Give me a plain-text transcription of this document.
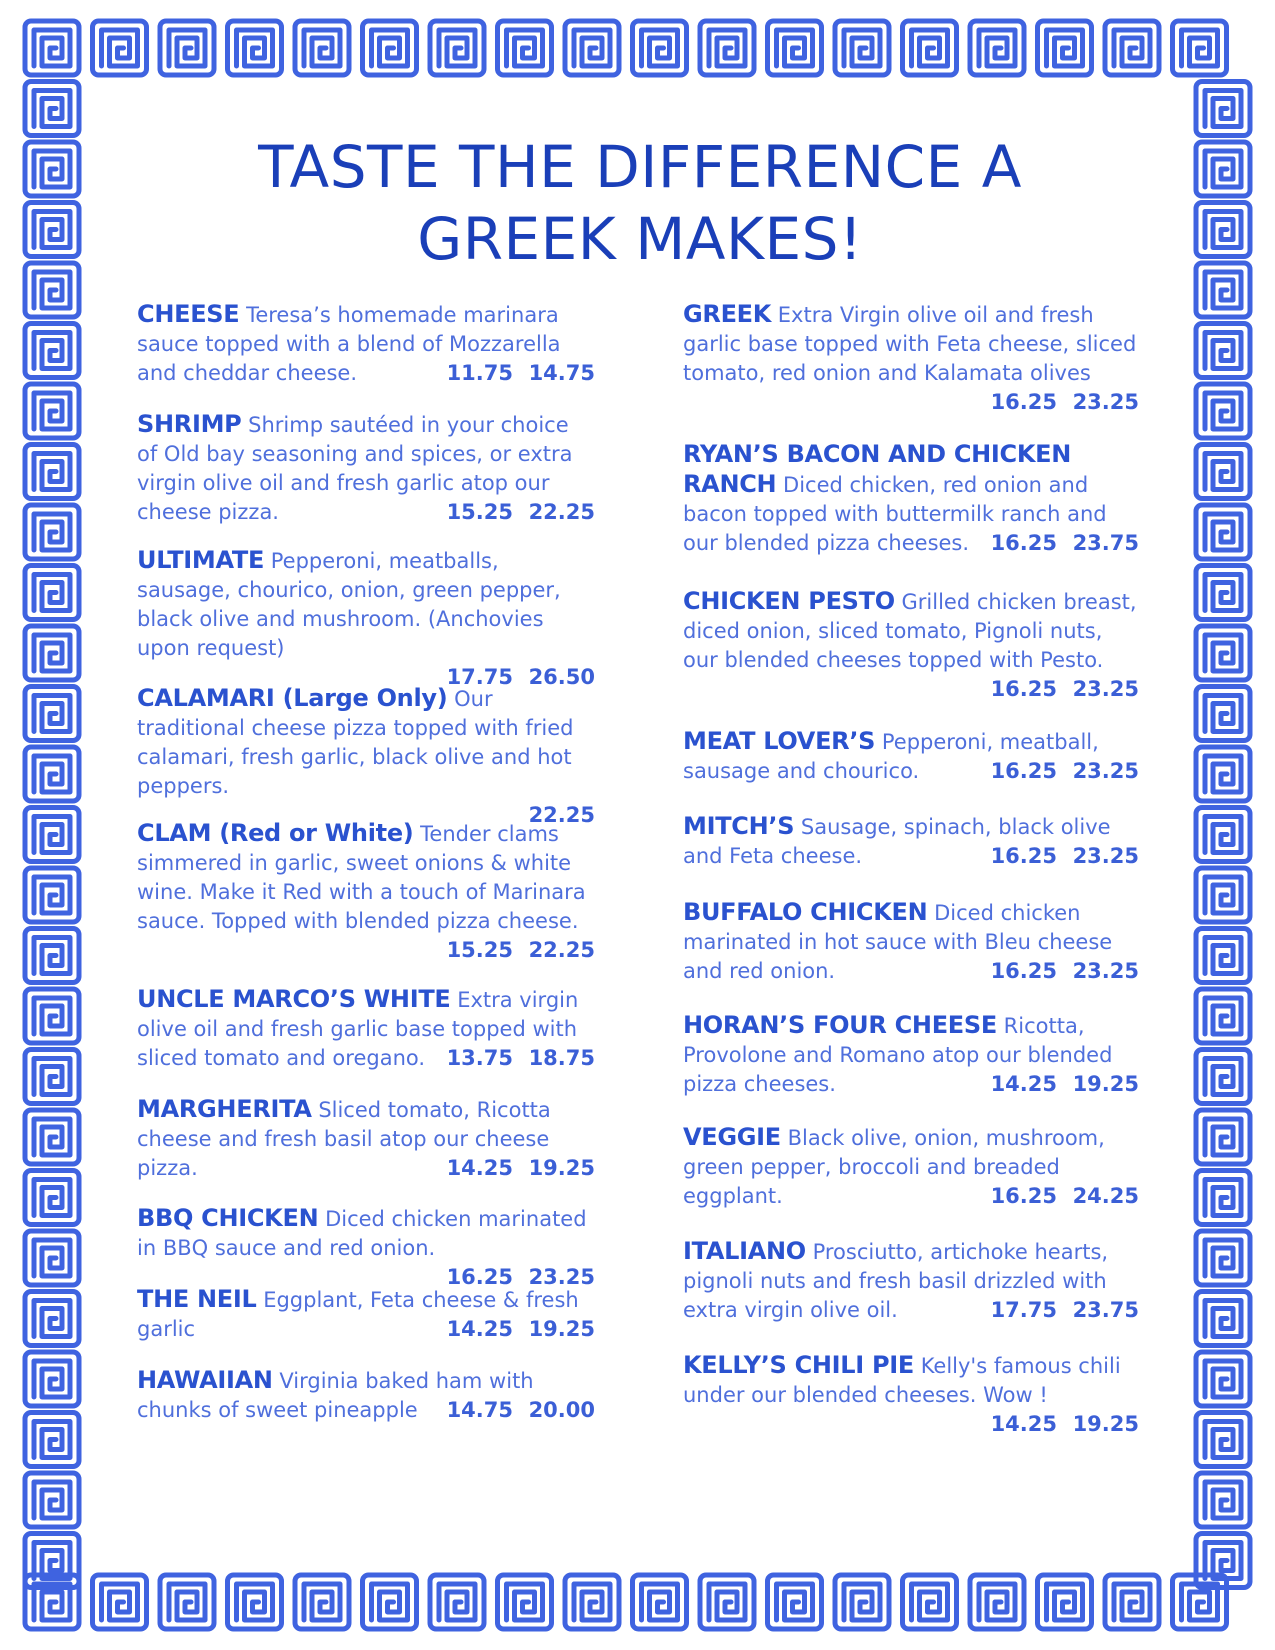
TASTE THE DIFFERENCE A GREEK MAKES!
CHEESE Teresa’s homemade marinara sauce topped with a blend of Mozzarella and cheddar cheese.	11.75 14.75
SHRIMP Shrimp sautéed in your choice of Old bay seasoning and spices, or extra virgin olive oil and fresh garlic atop our cheese pizza.	15.25 22.25
ULTIMATE Pepperoni, meatballs, sausage, chourico, onion, green pepper, black olive and mushroom. (Anchovies upon request)
17.75 26.50
CALAMARI (Large Only) Our traditional cheese pizza topped with fried calamari, fresh garlic, black olive and hot peppers.
22.25
CLAM (Red or White) Tender clams simmered in garlic, sweet onions & white wine. Make it Red with a touch of Marinara sauce. Topped with blended pizza cheese.
15.25 22.25
UNCLE MARCO’S WHITE Extra virgin olive oil and fresh garlic base topped with sliced tomato and oregano. 13.75 18.75
MARGHERITA Sliced tomato, Ricotta cheese and fresh basil atop our cheese pizza.	14.25 19.25
BBQ CHICKEN Diced chicken marinated in BBQ sauce and red onion.
16.25 23.25
THE NEIL Eggplant, Feta cheese & fresh garlic	14.25 19.25
HAWAIIAN Virginia baked ham with chunks of sweet pineapple 14.75 20.00
GREEK Extra Virgin olive oil and fresh garlic base topped with Feta cheese, sliced tomato, red onion and Kalamata olives
16.25 23.25
RYAN’S BACON AND CHICKEN RANCH Diced chicken, red onion and bacon topped with buttermilk ranch and our blended pizza cheeses. 16.25 23.75
CHICKEN PESTO Grilled chicken breast, diced onion, sliced tomato, Pignoli nuts, our blended cheeses topped with Pesto.
16.25 23.25
MEAT LOVER’S Pepperoni, meatball, sausage and chourico.	16.25 23.25
MITCH’S Sausage, spinach, black olive and Feta cheese.	16.25 23.25
BUFFALO CHICKEN Diced chicken marinated in hot sauce with Bleu cheese and red onion.	16.25 23.25
HORAN’S FOUR CHEESE Ricotta, Provolone and Romano atop our blended pizza cheeses.	14.25 19.25
VEGGIE Black olive, onion, mushroom, green pepper, broccoli and breaded eggplant.	16.25 24.25
ITALIANO Prosciutto, artichoke hearts, pignoli nuts and fresh basil drizzled with extra virgin olive oil.	17.75 23.75
KELLY’S CHILI PIE Kelly's famous chili under our blended cheeses. Wow !
14.25 19.25
